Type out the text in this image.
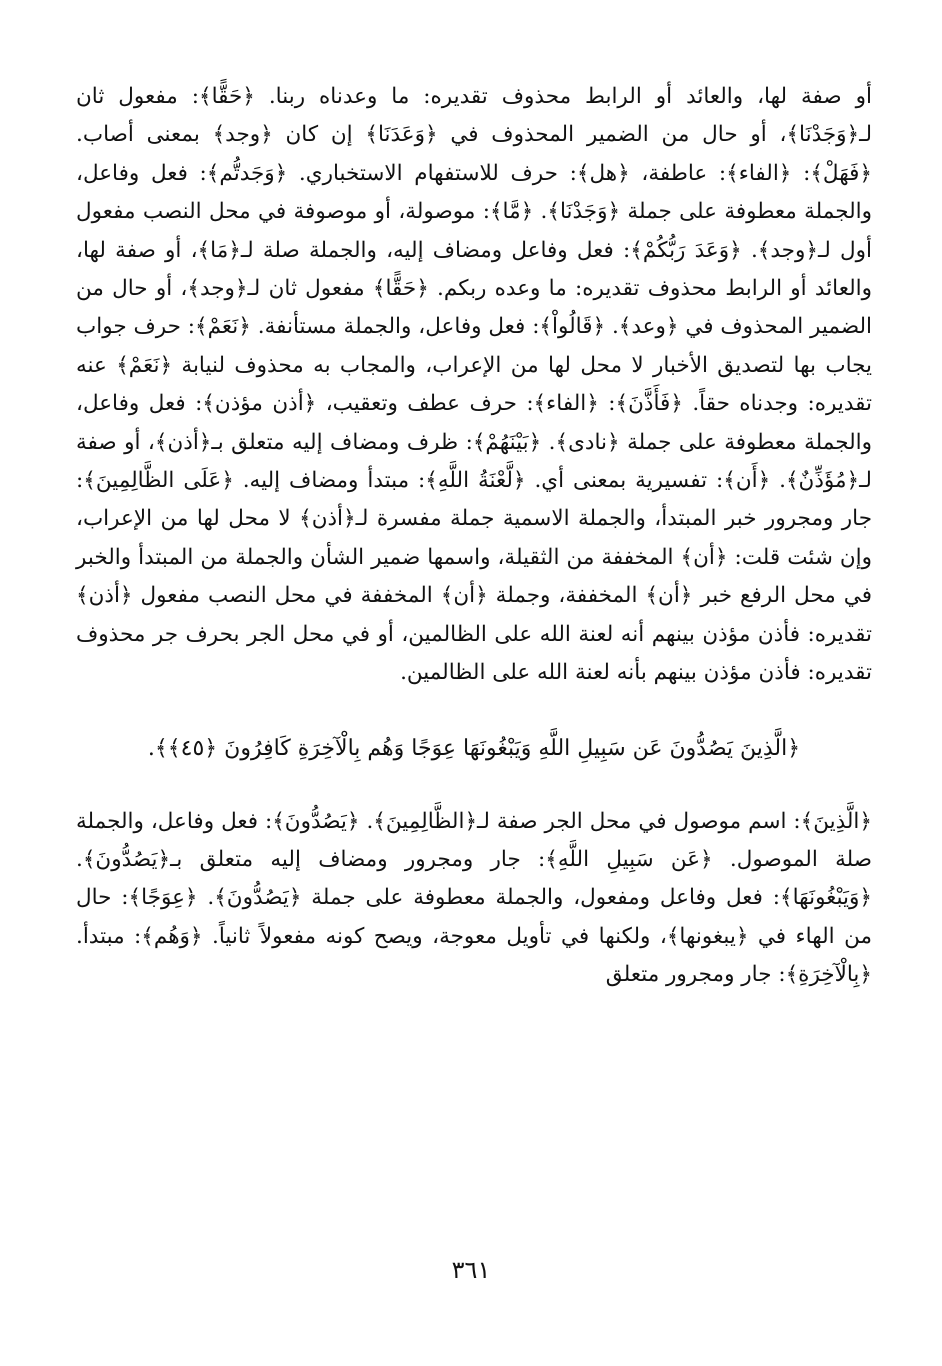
أو صفة لها، والعائد أو الرابط محذوف تقديره: ما وعدناه ربنا. ﴿حَقًّا﴾: مفعول ثان لـ﴿وَجَدْنَا﴾، أو حال من الضمير المحذوف في ﴿وَعَدَنَا﴾ إن كان ﴿وجد﴾ بمعنى أصاب. ﴿فَهَلْ﴾: ﴿الفاء﴾: عاطفة، ﴿هل﴾: حرف للاستفهام الاستخباري. ﴿وَجَدتُّم﴾: فعل وفاعل، والجملة معطوفة على جملة ﴿وَجَدْنَا﴾. ﴿مَّا﴾: موصولة، أو موصوفة في محل النصب مفعول أول لـ﴿وجد﴾. ﴿وَعَدَ رَبُّكُمْ﴾: فعل وفاعل ومضاف إليه، والجملة صلة لـ﴿مَا﴾، أو صفة لها، والعائد أو الرابط محذوف تقديره: ما وعده ربكم. ﴿حَقًّا﴾ مفعول ثان لـ﴿وجد﴾، أو حال من الضمير المحذوف في ﴿وعد﴾. ﴿قَالُواْ﴾: فعل وفاعل، والجملة مستأنفة. ﴿نَعَمْ﴾: حرف جواب يجاب بها لتصديق الأخبار لا محل لها من الإعراب، والمجاب به محذوف لنيابة ﴿نَعَمْ﴾ عنه تقديره: وجدناه حقاً. ﴿فَأَذَّنَ﴾: ﴿الفاء﴾: حرف عطف وتعقيب، ﴿أذن مؤذن﴾: فعل وفاعل، والجملة معطوفة على جملة ﴿نادى﴾. ﴿بَيْنَهُمْ﴾: ظرف ومضاف إليه متعلق بـ﴿أذن﴾، أو صفة لـ﴿مُؤَذِّنٌ﴾. ﴿أَن﴾: تفسيرية بمعنى أي. ﴿لَّعْنَةُ اللَّهِ﴾: مبتدأ ومضاف إليه. ﴿عَلَى الظَّالِمِينَ﴾: جار ومجرور خبر المبتدأ، والجملة الاسمية جملة مفسرة لـ﴿أذن﴾ لا محل لها من الإعراب، وإن شئت قلت: ﴿أن﴾ المخففة من الثقيلة، واسمها ضمير الشأن والجملة من المبتدأ والخبر في محل الرفع خبر ﴿أن﴾ المخففة، وجملة ﴿أن﴾ المخففة في محل النصب مفعول ﴿أذن﴾ تقديره: فأذن مؤذن بينهم أنه لعنة الله على الظالمين، أو في محل الجر بحرف جر محذوف تقديره: فأذن مؤذن بينهم بأنه لعنة الله على الظالمين.

﴿الَّذِينَ يَصُدُّونَ عَن سَبِيلِ اللَّهِ وَيَبْغُونَهَا عِوَجًا وَهُم بِالْآخِرَةِ كَافِرُونَ ﴿٤٥﴾﴾.

﴿الَّذِينَ﴾: اسم موصول في محل الجر صفة لـ﴿الظَّالِمِينَ﴾. ﴿يَصُدُّونَ﴾: فعل وفاعل، والجملة صلة الموصول. ﴿عَن سَبِيلِ اللَّهِ﴾: جار ومجرور ومضاف إليه متعلق بـ﴿يَصُدُّونَ﴾. ﴿وَيَبْغُونَهَا﴾: فعل وفاعل ومفعول، والجملة معطوفة على جملة ﴿يَصُدُّونَ﴾. ﴿عِوَجًا﴾: حال من الهاء في ﴿يبغونها﴾، ولكنها في تأويل معوجة، ويصح كونه مفعولاً ثانياً. ﴿وَهُم﴾: مبتدأ. ﴿بِالْآخِرَةِ﴾: جار ومجرور متعلق

٣٦١
